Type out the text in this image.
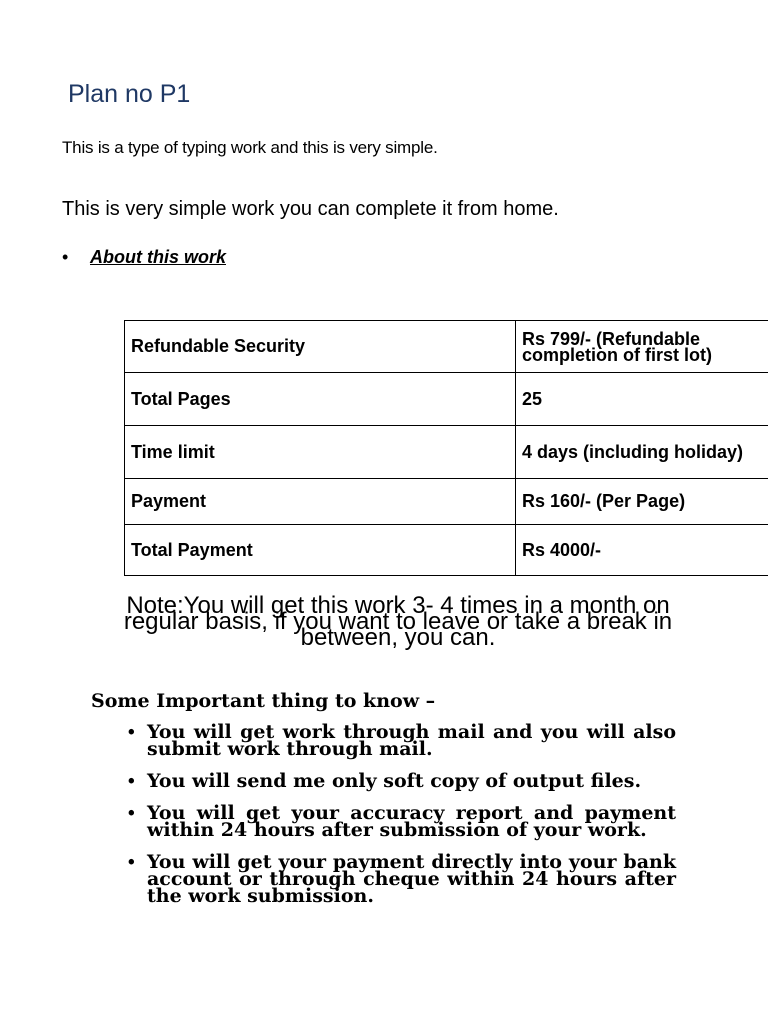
Plan no P1

This is a type of typing work and this is very simple.

This is very simple work you can complete it from home.
•	About this work
Refundable Security	Rs 799/- (Refundable completion of first lot)

Total Pages	25
Time limit	4 days (including holiday)
Payment	Rs 160/- (Per Page)
Total Payment	Rs 4000/-

Note:You will get this work 3- 4 times in a month on regular basis, if you want to leave or take a break in between, you can.

Some Important thing to know –
• You will get work through mail and you will also submit work through mail.
• You will send me only soft copy of output files.
• You will get your accuracy report and payment within 24 hours after submission of your work.
• You will get your payment directly into your bank account or through cheque within 24 hours after the work submission.
